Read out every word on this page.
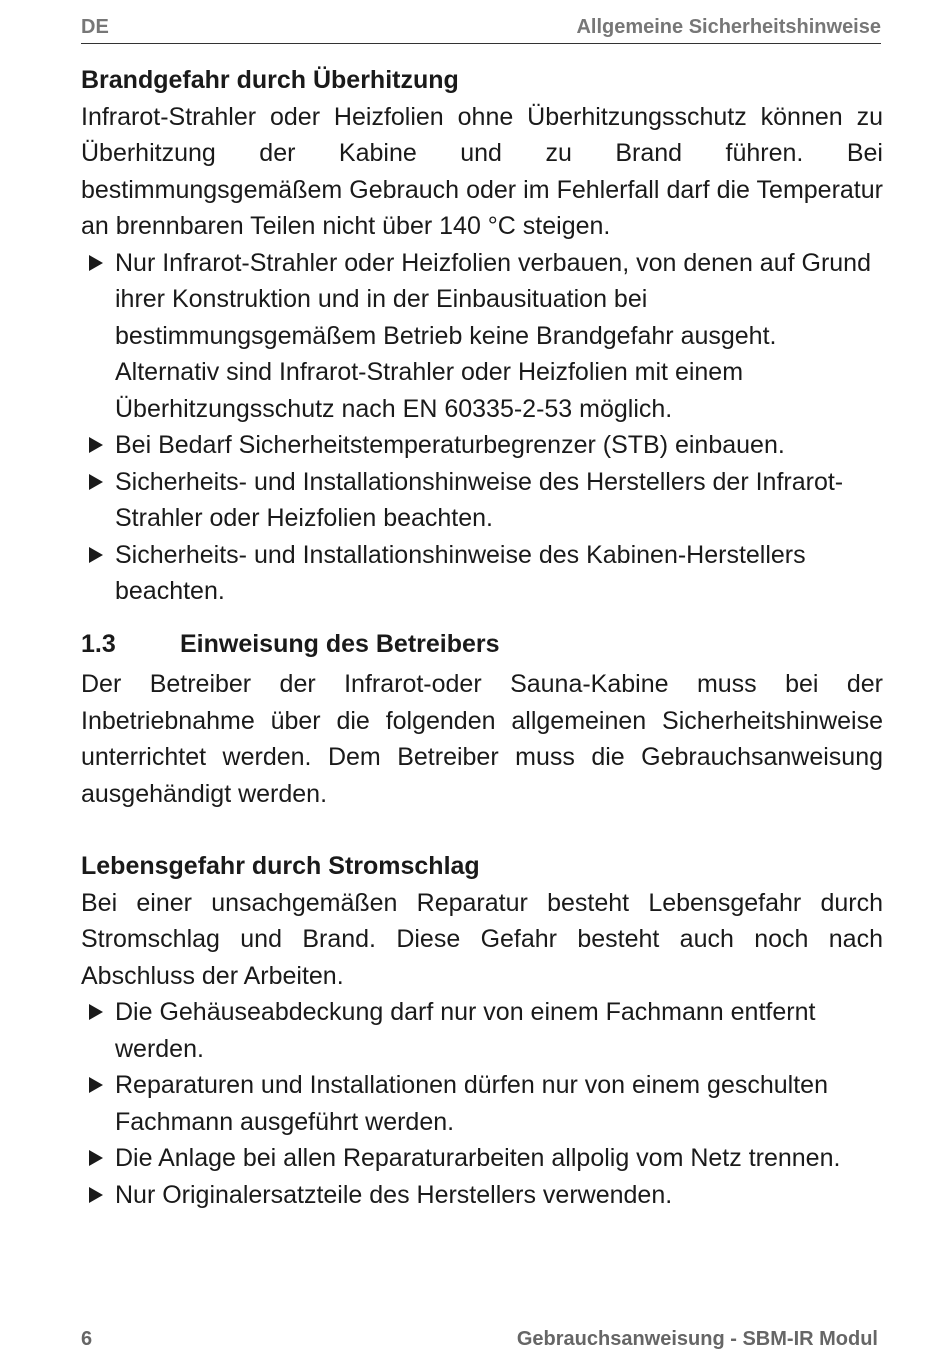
DE	Allgemeine Sicherheitshinweise
Brandgefahr durch Überhitzung

Infrarot-Strahler oder Heizfolien ohne Überhitzungsschutz können zu Überhitzung der Kabine und zu Brand führen. Bei bestimmungsgemäßem Gebrauch oder im Fehlerfall darf die Temperatur an brennbaren Teilen nicht über 140 °C steigen.

Nur Infrarot-Strahler oder Heizfolien verbauen, von denen auf Grund ihrer Konstruktion und in der Einbausituation bei bestimmungsgemäßem Betrieb keine Brandgefahr ausgeht. Alternativ sind Infrarot-Strahler oder Heizfolien mit einem Überhitzungsschutz nach EN 60335-2-53 möglich.
Bei Bedarf Sicherheitstemperaturbegrenzer (STB) einbauen.
Sicherheits- und Installationshinweise des Herstellers der Infrarot-Strahler oder Heizfolien beachten.
Sicherheits- und Installationshinweise des Kabinen-Herstellers beachten.
1.3	Einweisung des Betreibers

Der Betreiber der Infrarot-oder Sauna-Kabine muss bei der Inbetriebnahme über die folgenden allgemeinen Sicherheitshinweise unterrichtet werden. Dem Betreiber muss die Gebrauchsanweisung ausgehändigt werden.

Lebensgefahr durch Stromschlag

Bei einer unsachgemäßen Reparatur besteht Lebensgefahr durch Stromschlag und Brand. Diese Gefahr besteht auch noch nach Abschluss der Arbeiten.

Die Gehäuseabdeckung darf nur von einem Fachmann entfernt werden.
Reparaturen und Installationen dürfen nur von einem geschulten Fachmann ausgeführt werden.
Die Anlage bei allen Reparaturarbeiten allpolig vom Netz trennen.
Nur Originalersatzteile des Herstellers verwenden.
6	Gebrauchsanweisung - SBM-IR Modul
